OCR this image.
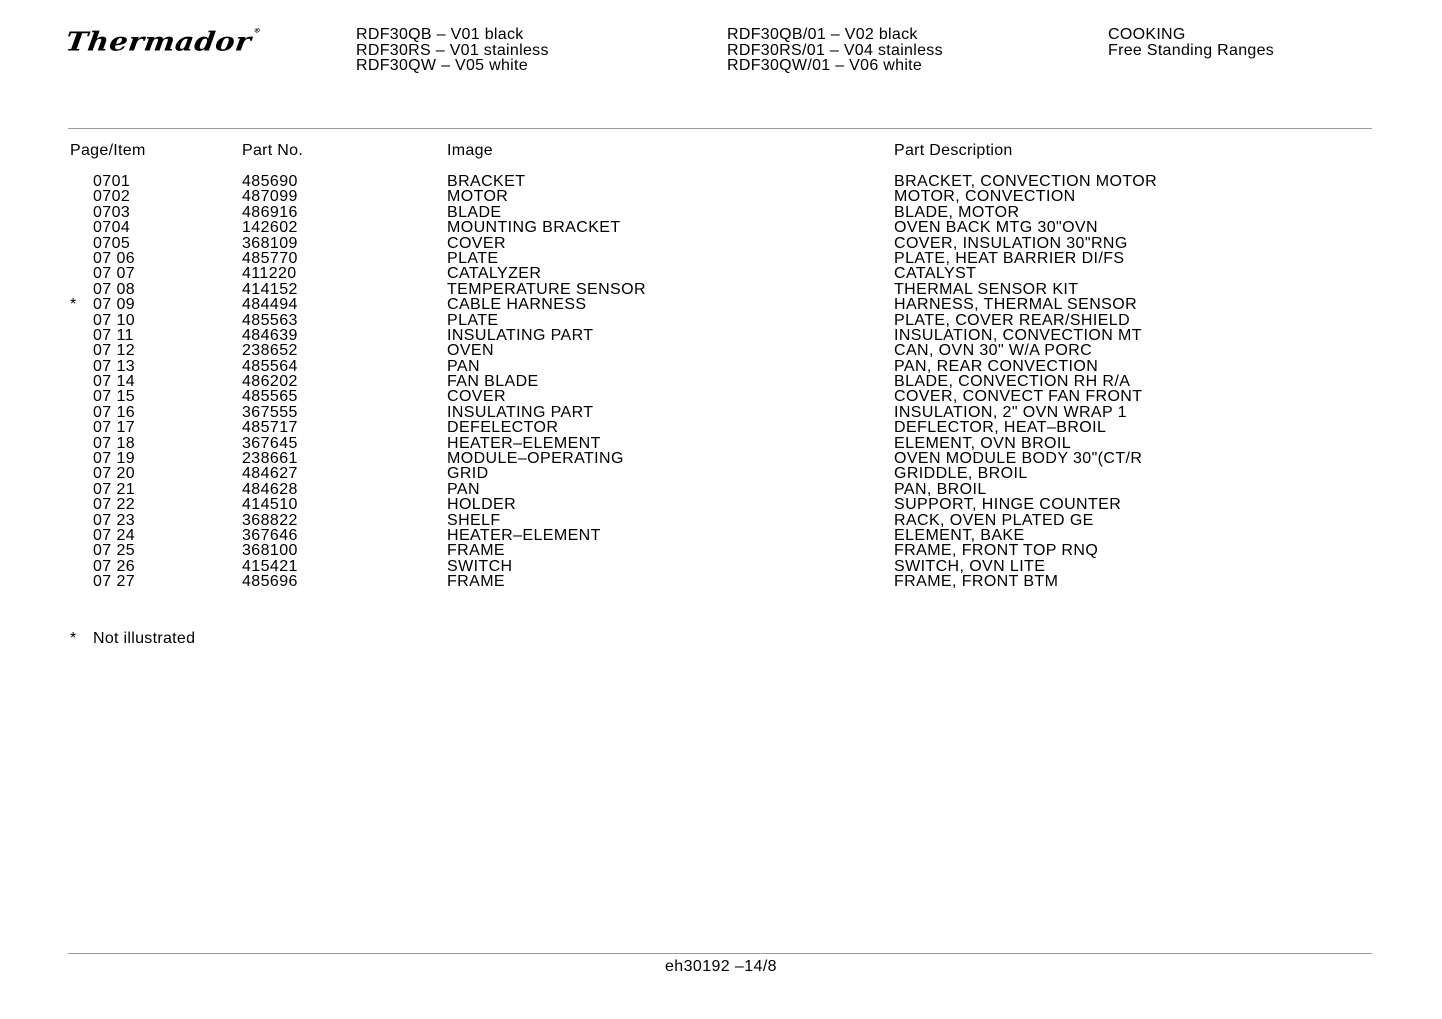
Thermador®	RDF30QB – V01 black
RDF30RS – V01 stainless
RDF30QW – V05 white
RDF30QB/01 – V02 black
RDF30RS/01 – V04 stainless
RDF30QW/01 – V06 white
COOKING
Free Standing Ranges
Page/Item	Part No.	Image	Part Description
0701	485690	BRACKET	BRACKET, CONVECTION MOTOR
0702	487099	MOTOR	MOTOR, CONVECTION
0703	486916	BLADE	BLADE, MOTOR
0704	142602	MOUNTING BRACKET	OVEN BACK MTG 30"OVN
0705	368109	COVER	COVER, INSULATION 30"RNG
07 06	485770	PLATE	PLATE, HEAT BARRIER DI/FS
07 07	411220	CATALYZER	CATALYST
07 08	414152	TEMPERATURE SENSOR	THERMAL SENSOR KIT
* 07 09	484494	CABLE HARNESS	HARNESS, THERMAL SENSOR
07 10	485563	PLATE	PLATE, COVER REAR/SHIELD
07 11	484639	INSULATING PART	INSULATION, CONVECTION MT
07 12	238652	OVEN	CAN, OVN 30" W/A PORC
07 13	485564	PAN	PAN, REAR CONVECTION
07 14	486202	FAN BLADE	BLADE, CONVECTION RH R/A
07 15	485565	COVER	COVER, CONVECT FAN FRONT
07 16	367555	INSULATING PART	INSULATION, 2" OVN WRAP 1
07 17	485717	DEFELECTOR	DEFLECTOR, HEAT–BROIL
07 18	367645	HEATER–ELEMENT	ELEMENT, OVN BROIL
07 19	238661	MODULE–OPERATING	OVEN MODULE BODY 30"(CT/R
07 20	484627	GRID	GRIDDLE, BROIL
07 21	484628	PAN	PAN, BROIL
07 22	414510	HOLDER	SUPPORT, HINGE COUNTER
07 23	368822	SHELF	RACK, OVEN PLATED GE
07 24	367646	HEATER–ELEMENT	ELEMENT, BAKE
07 25	368100	FRAME	FRAME, FRONT TOP RNQ
07 26	415421	SWITCH	SWITCH, OVN LITE
07 27	485696	FRAME	FRAME, FRONT BTM
* Not illustrated
eh30192 –14/8
